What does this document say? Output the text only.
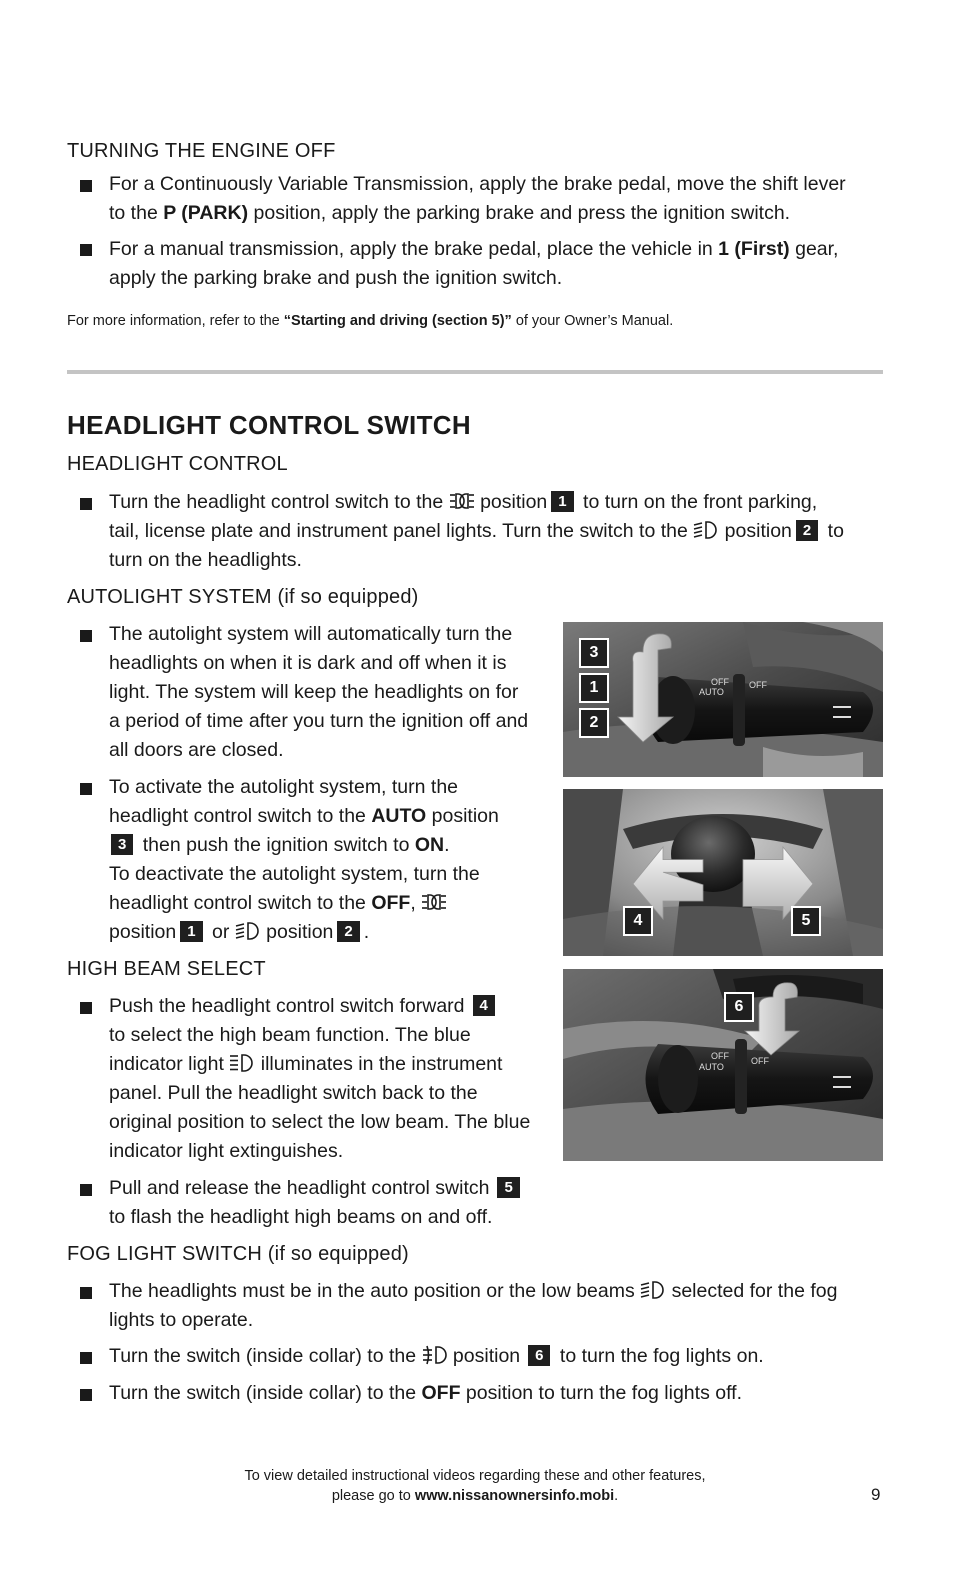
TURNING THE ENGINE OFF
For a Continuously Variable Transmission, apply the brake pedal, move the shift lever
to the P (PARK) position, apply the parking brake and press the ignition switch.
For a manual transmission, apply the brake pedal, place the vehicle in 1 (First) gear,
apply the parking brake and push the ignition switch.
For more information, refer to the “Starting and driving (section 5)” of your Owner’s Manual.
HEADLIGHT CONTROL SWITCH
HEADLIGHT CONTROL
Turn the headlight control switch to the position 1 to turn on the front parking,
tail, license plate and instrument panel lights. Turn the switch to the position 2 to
turn on the headlights.
AUTOLIGHT SYSTEM (if so equipped)
The autolight system will automatically turn the
headlights on when it is dark and off when it is
light. The system will keep the headlights on for
a period of time after you turn the ignition off and
all doors are closed.
To activate the autolight system, turn the
headlight control switch to the AUTO position
3 then push the ignition switch to ON.
To deactivate the autolight system, turn the
headlight control switch to the OFF,

position 1 or position 2 .
HIGH BEAM SELECT
Push the headlight control switch forward 4
to select the high beam function. The blue
indicator light illuminates in the instrument
panel. Pull the headlight switch back to the
original position to select the low beam. The blue
indicator light extinguishes.
Pull and release the headlight control switch 5
to flash the headlight high beams on and off.
FOG LIGHT SWITCH (if so equipped)
The headlights must be in the auto position or the low beams selected for the fog
lights to operate.
Turn the switch (inside collar) to the position 6 to turn the fog lights on.
Turn the switch (inside collar) to the OFF position to turn the fog lights off.
OFF
AUTO
OFF
3
1
2
4	5
OFF
AUTO
OFF
6
To view detailed instructional videos regarding these and other features,
please go to www.nissanownersinfo.mobi.	9
